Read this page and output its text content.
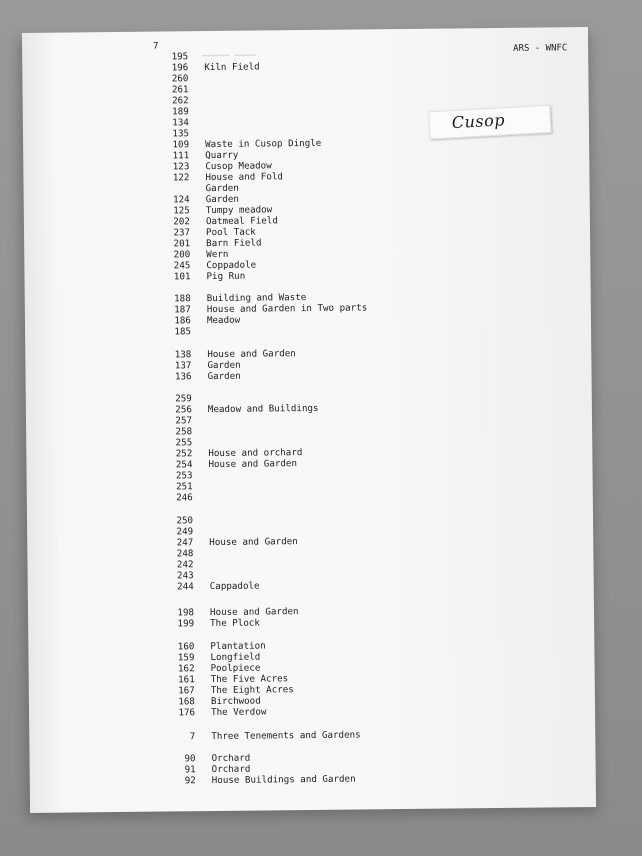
7	ARS - WNFC
▁▁▁▁▁ ▁▁▁▁
195
196 Kiln Field
260
261
262
189
134
135
109 Waste in Cusop Dingle
111 Quarry
123 Cusop Meadow
122 House and Fold
Garden
124 Garden
125 Tumpy meadow
202 Oatmeal Field
237 Pool Tack
201 Barn Field
200 Wern
245 Coppadole
101 Pig Run
188 Building and Waste
187 House and Garden in Two parts
186 Meadow
185
138 House and Garden
137 Garden
136 Garden
259
256 Meadow and Buildings
257
258
255
252 House and orchard
254 House and Garden
253
251
246
250
249
247 House and Garden
248
242
243
244 Cappadole
198 House and Garden
199 The Plock
160 Plantation
159 Longfield
162 Poolpiece
161 The Five Acres
167 The Eight Acres
168 Birchwood
176 The Verdow
7 Three Tenements and Gardens
90 Orchard
91 Orchard
92 House Buildings and Garden
Cusop
